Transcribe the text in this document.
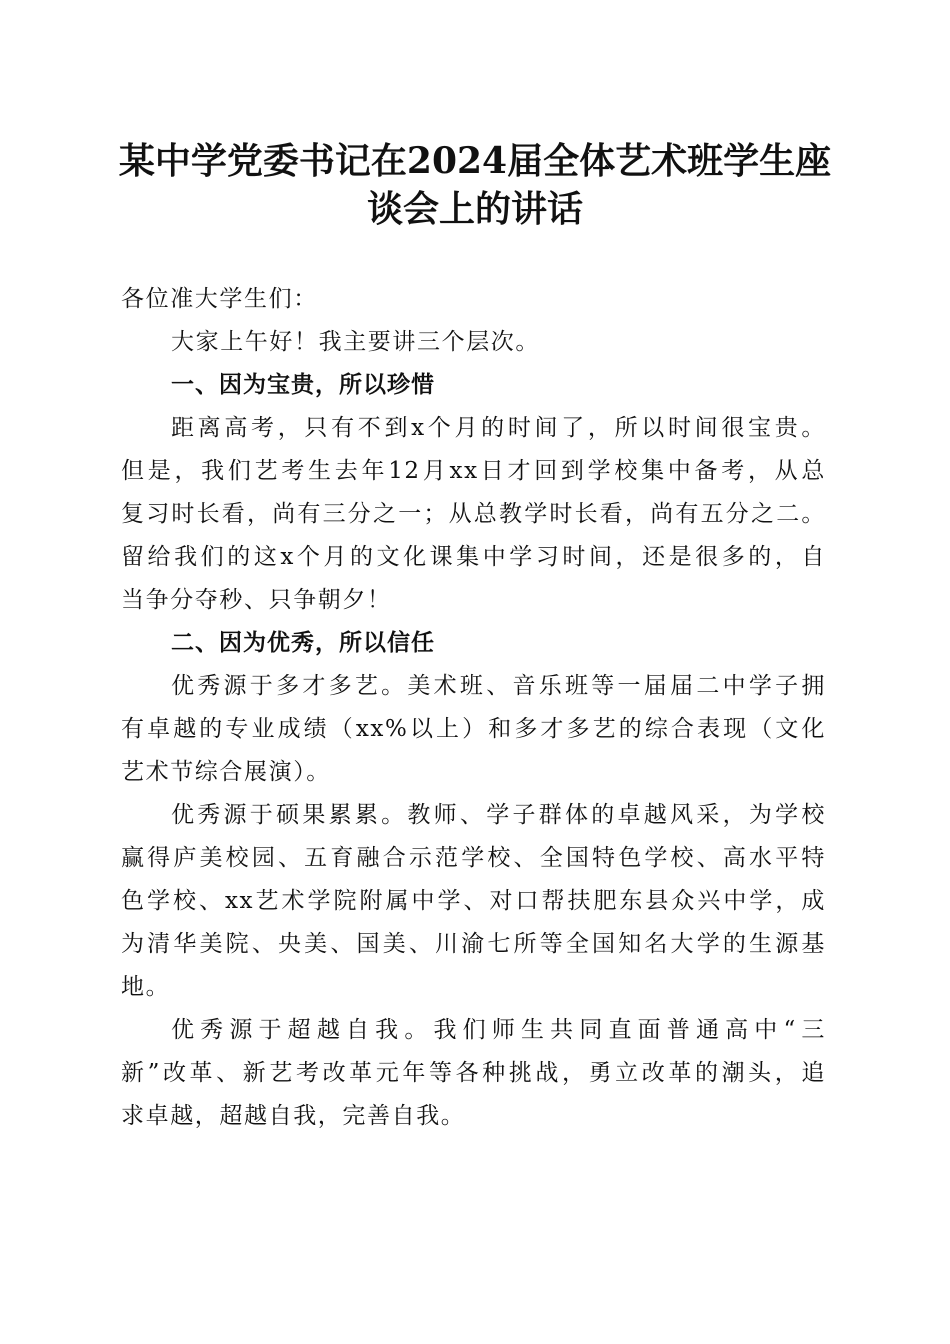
某中学党委书记在2024届全体艺术班学生座
谈会上的讲话

各位准大学生们：

大家上午好！我主要讲三个层次。

一、因为宝贵，所以珍惜

距离高考，只有不到x个月的时间了，所以时间很宝贵。
但是，我们艺考生去年12月xx日才回到学校集中备考，从总
复习时长看，尚有三分之一；从总教学时长看，尚有五分之二。
留给我们的这x个月的文化课集中学习时间，还是很多的，自
当争分夺秒、只争朝夕！

二、因为优秀，所以信任

优秀源于多才多艺。美术班、音乐班等一届届二中学子拥
有卓越的专业成绩（xx%以上）和多才多艺的综合表现（文化
艺术节综合展演）。

优秀源于硕果累累。教师、学子群体的卓越风采，为学校
赢得庐美校园、五育融合示范学校、全国特色学校、高水平特
色学校、xx艺术学院附属中学、对口帮扶肥东县众兴中学，成
为清华美院、央美、国美、川渝七所等全国知名大学的生源基
地。

优秀源于超越自我。我们师生共同直面普通高中“三
新”改革、新艺考改革元年等各种挑战，勇立改革的潮头，追
求卓越，超越自我，完善自我。
